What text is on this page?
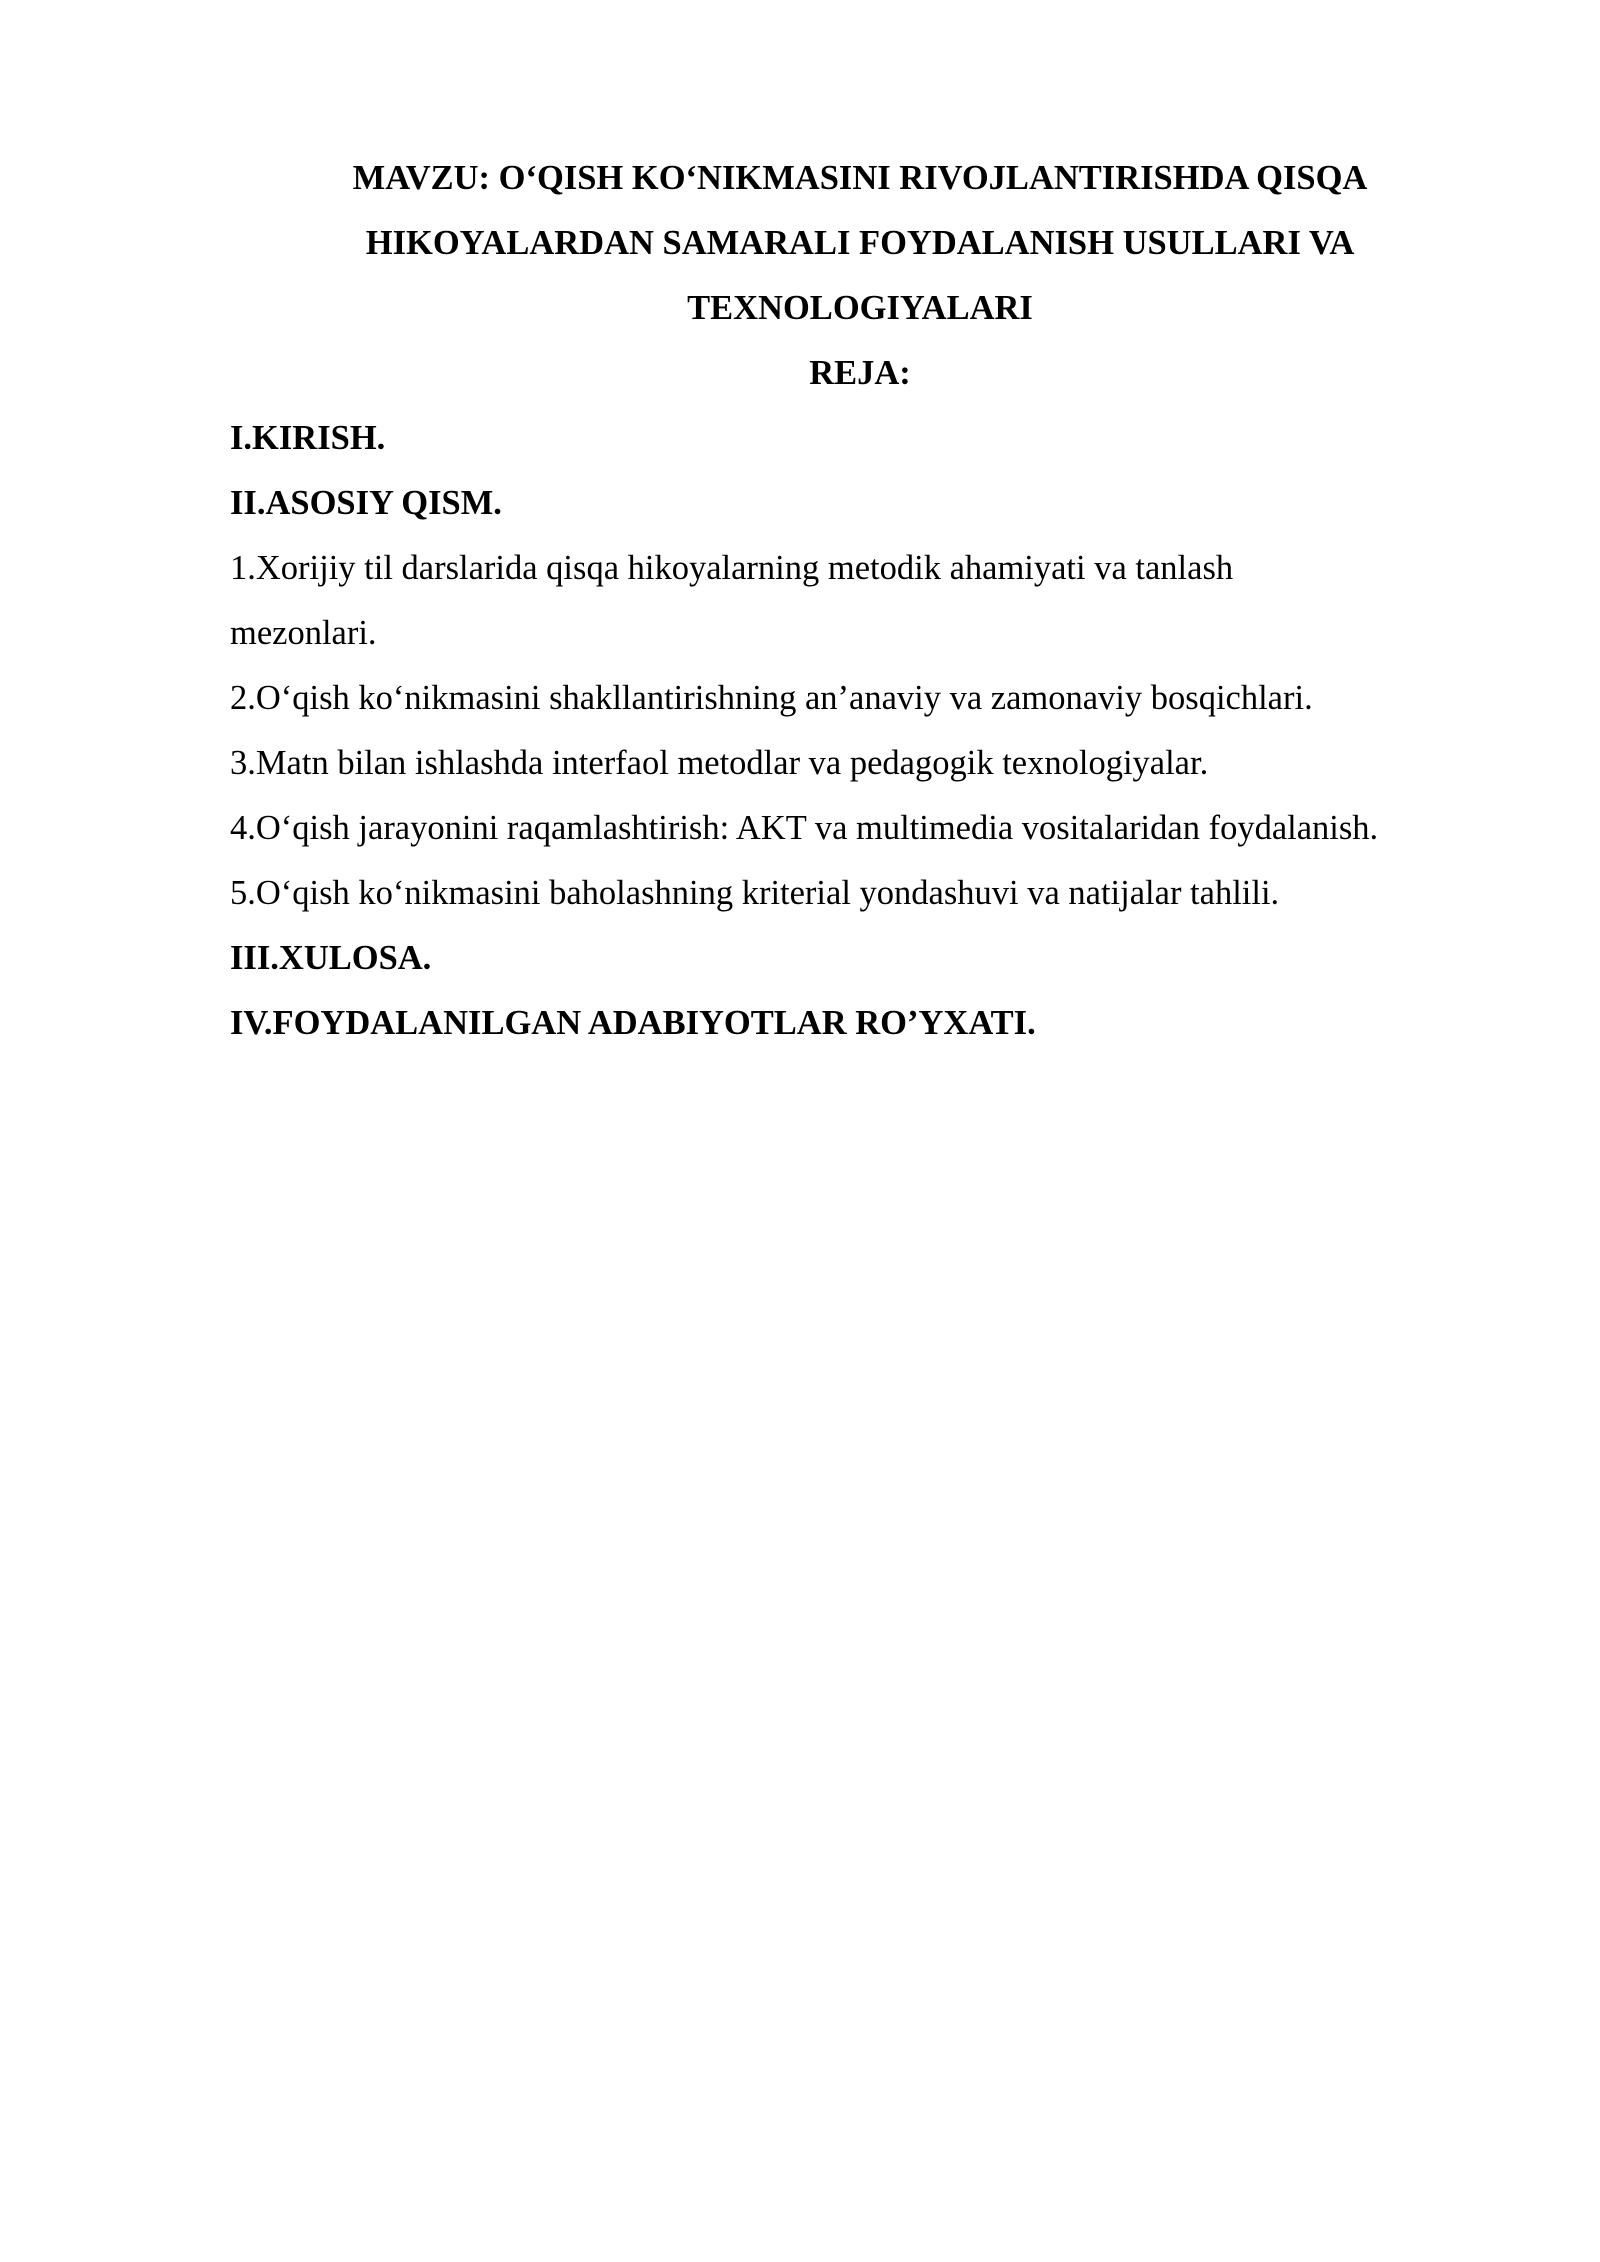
MAVZU: O‘QISH KO‘NIKMASINI RIVOJLANTIRISHDA QISQA
HIKOYALARDAN SAMARALI FOYDALANISH USULLARI VA
TEXNOLOGIYALARI
REJA:
I.KIRISH.
II.ASOSIY QISM.
1.Xorijiy til darslarida qisqa hikoyalarning metodik ahamiyati va tanlash mezonlari.
2.O‘qish ko‘nikmasini shakllantirishning an’anaviy va zamonaviy bosqichlari.
3.Matn bilan ishlashda interfaol metodlar va pedagogik texnologiyalar.
4.O‘qish jarayonini raqamlashtirish: AKT va multimedia vositalaridan foydalanish.
5.O‘qish ko‘nikmasini baholashning kriterial yondashuvi va natijalar tahlili.
III.XULOSA.
IV.FOYDALANILGAN ADABIYOTLAR RO’YXATI.
